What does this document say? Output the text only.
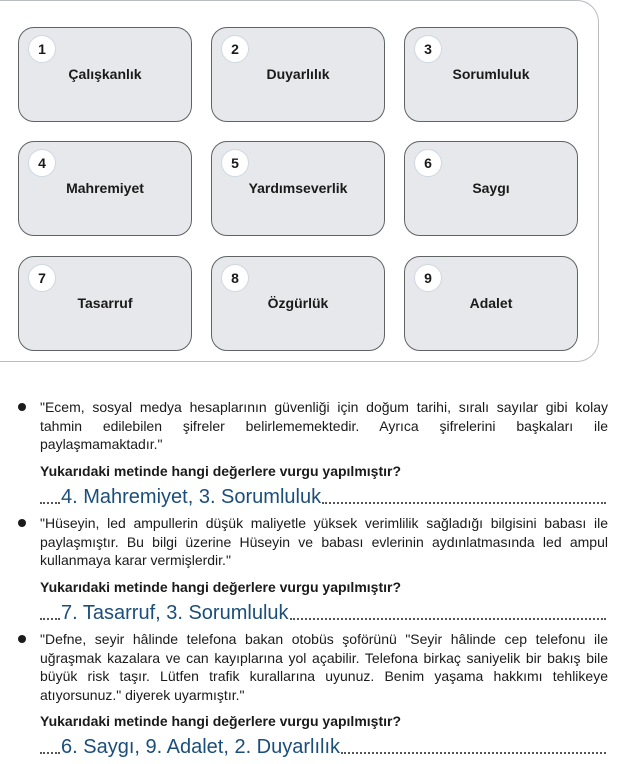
1
Çalışkanlık
2
Duyarlılık
3
Sorumluluk
4
Mahremiyet
5
Yardımseverlik
6
Saygı
7
Tasarruf
8
Özgürlük
9
Adalet
"Ecem, sosyal medya hesaplarının güvenliği için doğum tarihi, sıralı sayılar gibi kolay tahmin edilebilen şifreler belirlememektedir. Ayrıca şifrelerini başkaları ile paylaşmamaktadır."
Yukarıdaki metinde hangi değerlere vurgu yapılmıştır?
4. Mahremiyet, 3. Sorumluluk
"Hüseyin, led ampullerin düşük maliyetle yüksek verimlilik sağladığı bilgisini babası ile paylaşmıştır. Bu bilgi üzerine Hüseyin ve babası evlerinin aydınlatmasında led ampul kullanmaya karar vermişlerdir."
Yukarıdaki metinde hangi değerlere vurgu yapılmıştır?
7. Tasarruf, 3. Sorumluluk
"Defne, seyir hâlinde telefona bakan otobüs şoförünü "Seyir hâlinde cep telefonu ile uğraşmak kazalara ve can kayıplarına yol açabilir. Telefona birkaç saniyelik bir bakış bile büyük risk taşır. Lütfen trafik kurallarına uyunuz. Benim yaşama hakkımı tehlikeye atıyorsunuz." diyerek uyarmıştır."
Yukarıdaki metinde hangi değerlere vurgu yapılmıştır?
6. Saygı, 9. Adalet, 2. Duyarlılık
